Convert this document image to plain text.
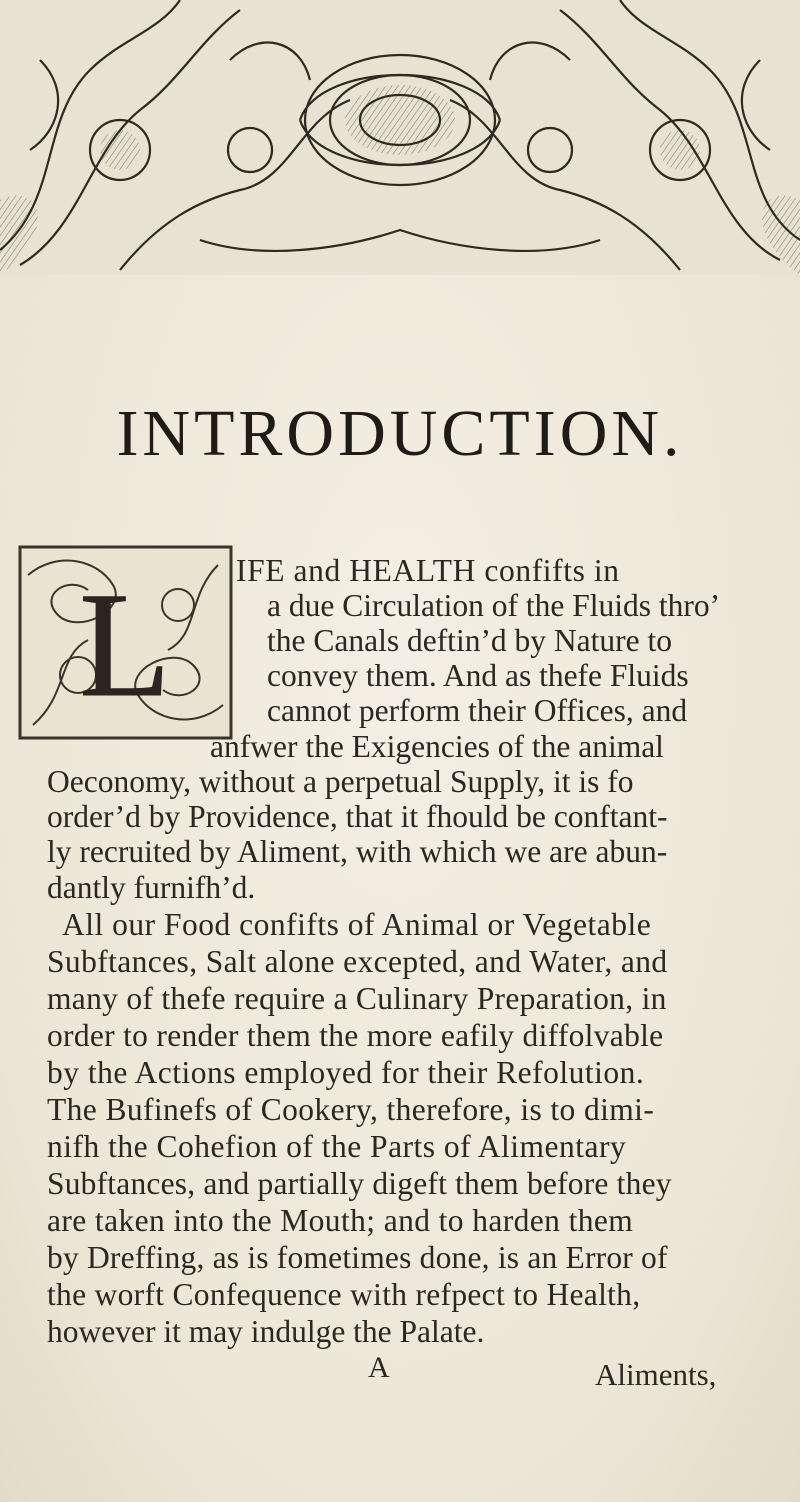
INTRODUCTION.
L IFE and HEALTH confifts in
a due Circulation of the Fluids thro’
the Canals deftin’d by Nature to
convey them. And as thefe Fluids
cannot perform their Offices, and
anfwer the Exigencies of the animal
Oeconomy, without a perpetual Supply, it is fo
order’d by Providence, that it fhould be conftant-
ly recruited by Aliment, with which we are abun-
dantly furnifh’d.
All our Food confifts of Animal or Vegetable
Subftances, Salt alone excepted, and Water, and
many of thefe require a Culinary Preparation, in
order to render them the more eafily diffolvable
by the Actions employed for their Refolution.
The Bufinefs of Cookery, therefore, is to dimi-
nifh the Cohefion of the Parts of Alimentary
Subftances, and partially digeft them before they
are taken into the Mouth; and to harden them
by Dreffing, as is fometimes done, is an Error of
the worft Confequence with refpect to Health,
however it may indulge the Palate.
A	Aliments,
